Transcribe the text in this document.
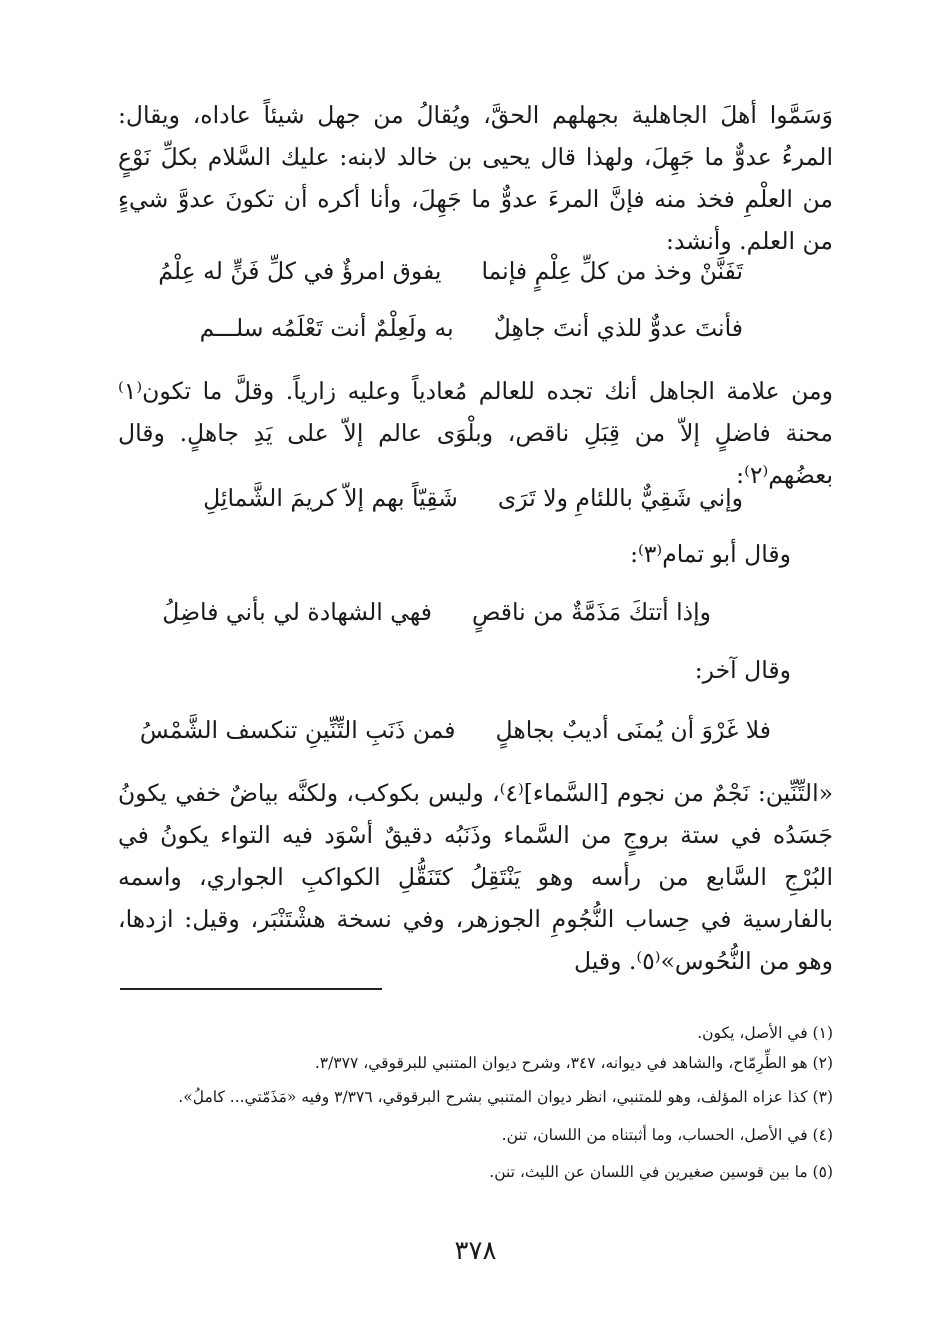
وَسَمَّوا أهلَ الجاهلية بجهلهم الحقَّ، ويُقالُ من جهل شيئاً عاداه، ويقال: المرءُ عدوٌّ ما جَهِلَ، ولهذا قال يحيى بن خالد لابنه: عليك السَّلام بكلِّ نَوْعٍ من العلْمِ فخذ منه فإنَّ المرءَ عدوٌّ ما جَهِلَ، وأنا أكره أن تكونَ عدوَّ شيءٍ من العلم. وأنشد:
تَفَنَّنْ وخذ من كلِّ عِلْمٍ فإنما
يفوق امرؤٌ في كلِّ فَنٍّ له عِلْمُ
فأنتَ عدوٌّ للذي أنتَ جاهِلٌ
به ولَعِلْمٌ أنت تَعْلَمُه سلـــم
ومن علامة الجاهل أنك تجده للعالم مُعادياً وعليه زارياً. وقلَّ ما تكون⁽١⁾ محنة فاضلٍ إلاّ من قِبَلِ ناقص، وبلْوَى عالم إلاّ على يَدِ جاهلٍ. وقال بعضُهم⁽٢⁾:
وإني شَقِيٌّ باللئامِ ولا تَرَى
شَقِيّاً بهم إلاّ كريمَ الشَّمائِلِ
وقال أبو تمام⁽٣⁾:
وإذا أتتكَ مَذَمَّةٌ من ناقصٍ
فهي الشهادة لي بأني فاضِلُ
وقال آخر:
فلا غَرْوَ أن يُمنَى أديبٌ بجاهلٍ
فمن ذَنَبِ التِّنِّينِ تنكسف الشَّمْسُ
«التِّنِّين: نَجْمٌ من نجوم [السَّماء]⁽٤⁾، وليس بكوكب، ولكنَّه بياضٌ خفي يكونُ جَسَدُه في ستة بروجٍ من السَّماء وذَنَبُه دقيقٌ أسْوَد فيه التواء يكونُ في البُرْجِ السَّابع من رأسه وهو يَنْتَقِلُ كتَنَقُّلِ الكواكبِ الجواري، واسمه بالفارسية في حِساب النُّجُومِ الجوزهر، وفي نسخة هشْتَنْبَر، وقيل: ازدها، وهو من النُّحُوس»⁽٥⁾. وقيل
(١) في الأصل، يكون.
(٢) هو الطِّرِمّاح، والشاهد في ديوانه، ٣٤٧، وشرح ديوان المتنبي للبرقوقي، ٣/٣٧٧.
(٣) كذا عزاه المؤلف، وهو للمتنبي، انظر ديوان المتنبي بشرح البرقوقي، ٣/٣٧٦ وفيه «مَذَمّتي... كاملُ».
(٤) في الأصل، الحساب، وما أثبتناه من اللسان، تنن.
(٥) ما بين قوسين صغيرين في اللسان عن الليث، تنن.
٣٧٨
